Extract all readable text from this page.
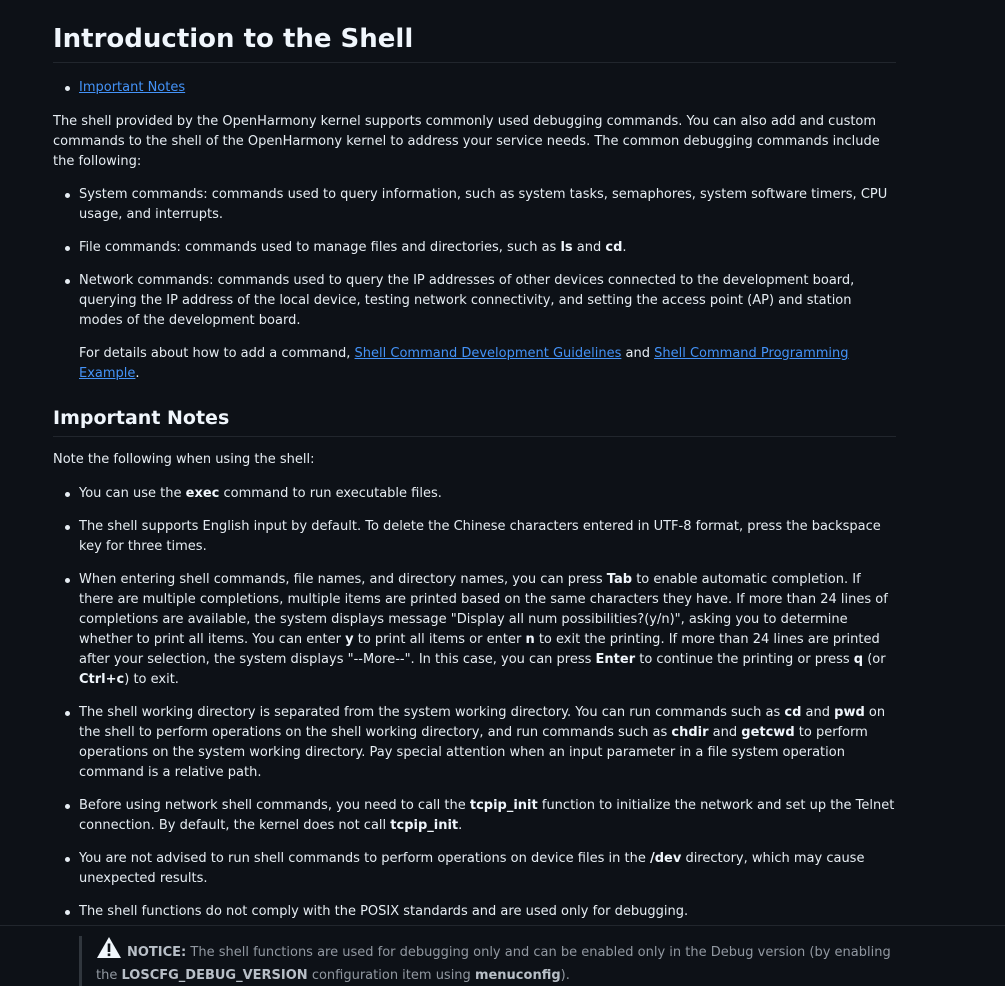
Introduction to the Shell
Important Notes

The shell provided by the OpenHarmony kernel supports commonly used debugging commands. You can also add and custom commands to the shell of the OpenHarmony kernel to address your service needs. The common debugging commands include the following:

System commands: commands used to query information, such as system tasks, semaphores, system software timers, CPU usage, and interrupts.
File commands: commands used to manage files and directories, such as ls and cd.
Network commands: commands used to query the IP addresses of other devices connected to the development board, querying the IP address of the local device, testing network connectivity, and setting the access point (AP) and station modes of the development board.

For details about how to add a command, Shell Command Development Guidelines and Shell Command Programming Example.

Important Notes

Note the following when using the shell:

You can use the exec command to run executable files.
The shell supports English input by default. To delete the Chinese characters entered in UTF-8 format, press the backspace key for three times.
When entering shell commands, file names, and directory names, you can press Tab to enable automatic completion. If there are multiple completions, multiple items are printed based on the same characters they have. If more than 24 lines of completions are available, the system displays message "Display all num possibilities?(y/n)", asking you to determine whether to print all items. You can enter y to print all items or enter n to exit the printing. If more than 24 lines are printed after your selection, the system displays "--More--". In this case, you can press Enter to continue the printing or press q (or Ctrl+c) to exit.
The shell working directory is separated from the system working directory. You can run commands such as cd and pwd on the shell to perform operations on the shell working directory, and run commands such as chdir and getcwd to perform operations on the system working directory. Pay special attention when an input parameter in a file system operation command is a relative path.
Before using network shell commands, you need to call the tcpip_init function to initialize the network and set up the Telnet connection. By default, the kernel does not call tcpip_init.
You are not advised to run shell commands to perform operations on device files in the /dev directory, which may cause unexpected results.
The shell functions do not comply with the POSIX standards and are used only for debugging.
NOTICE: The shell functions are used for debugging only and can be enabled only in the Debug version (by enabling the LOSCFG_DEBUG_VERSION configuration item using menuconfig).
